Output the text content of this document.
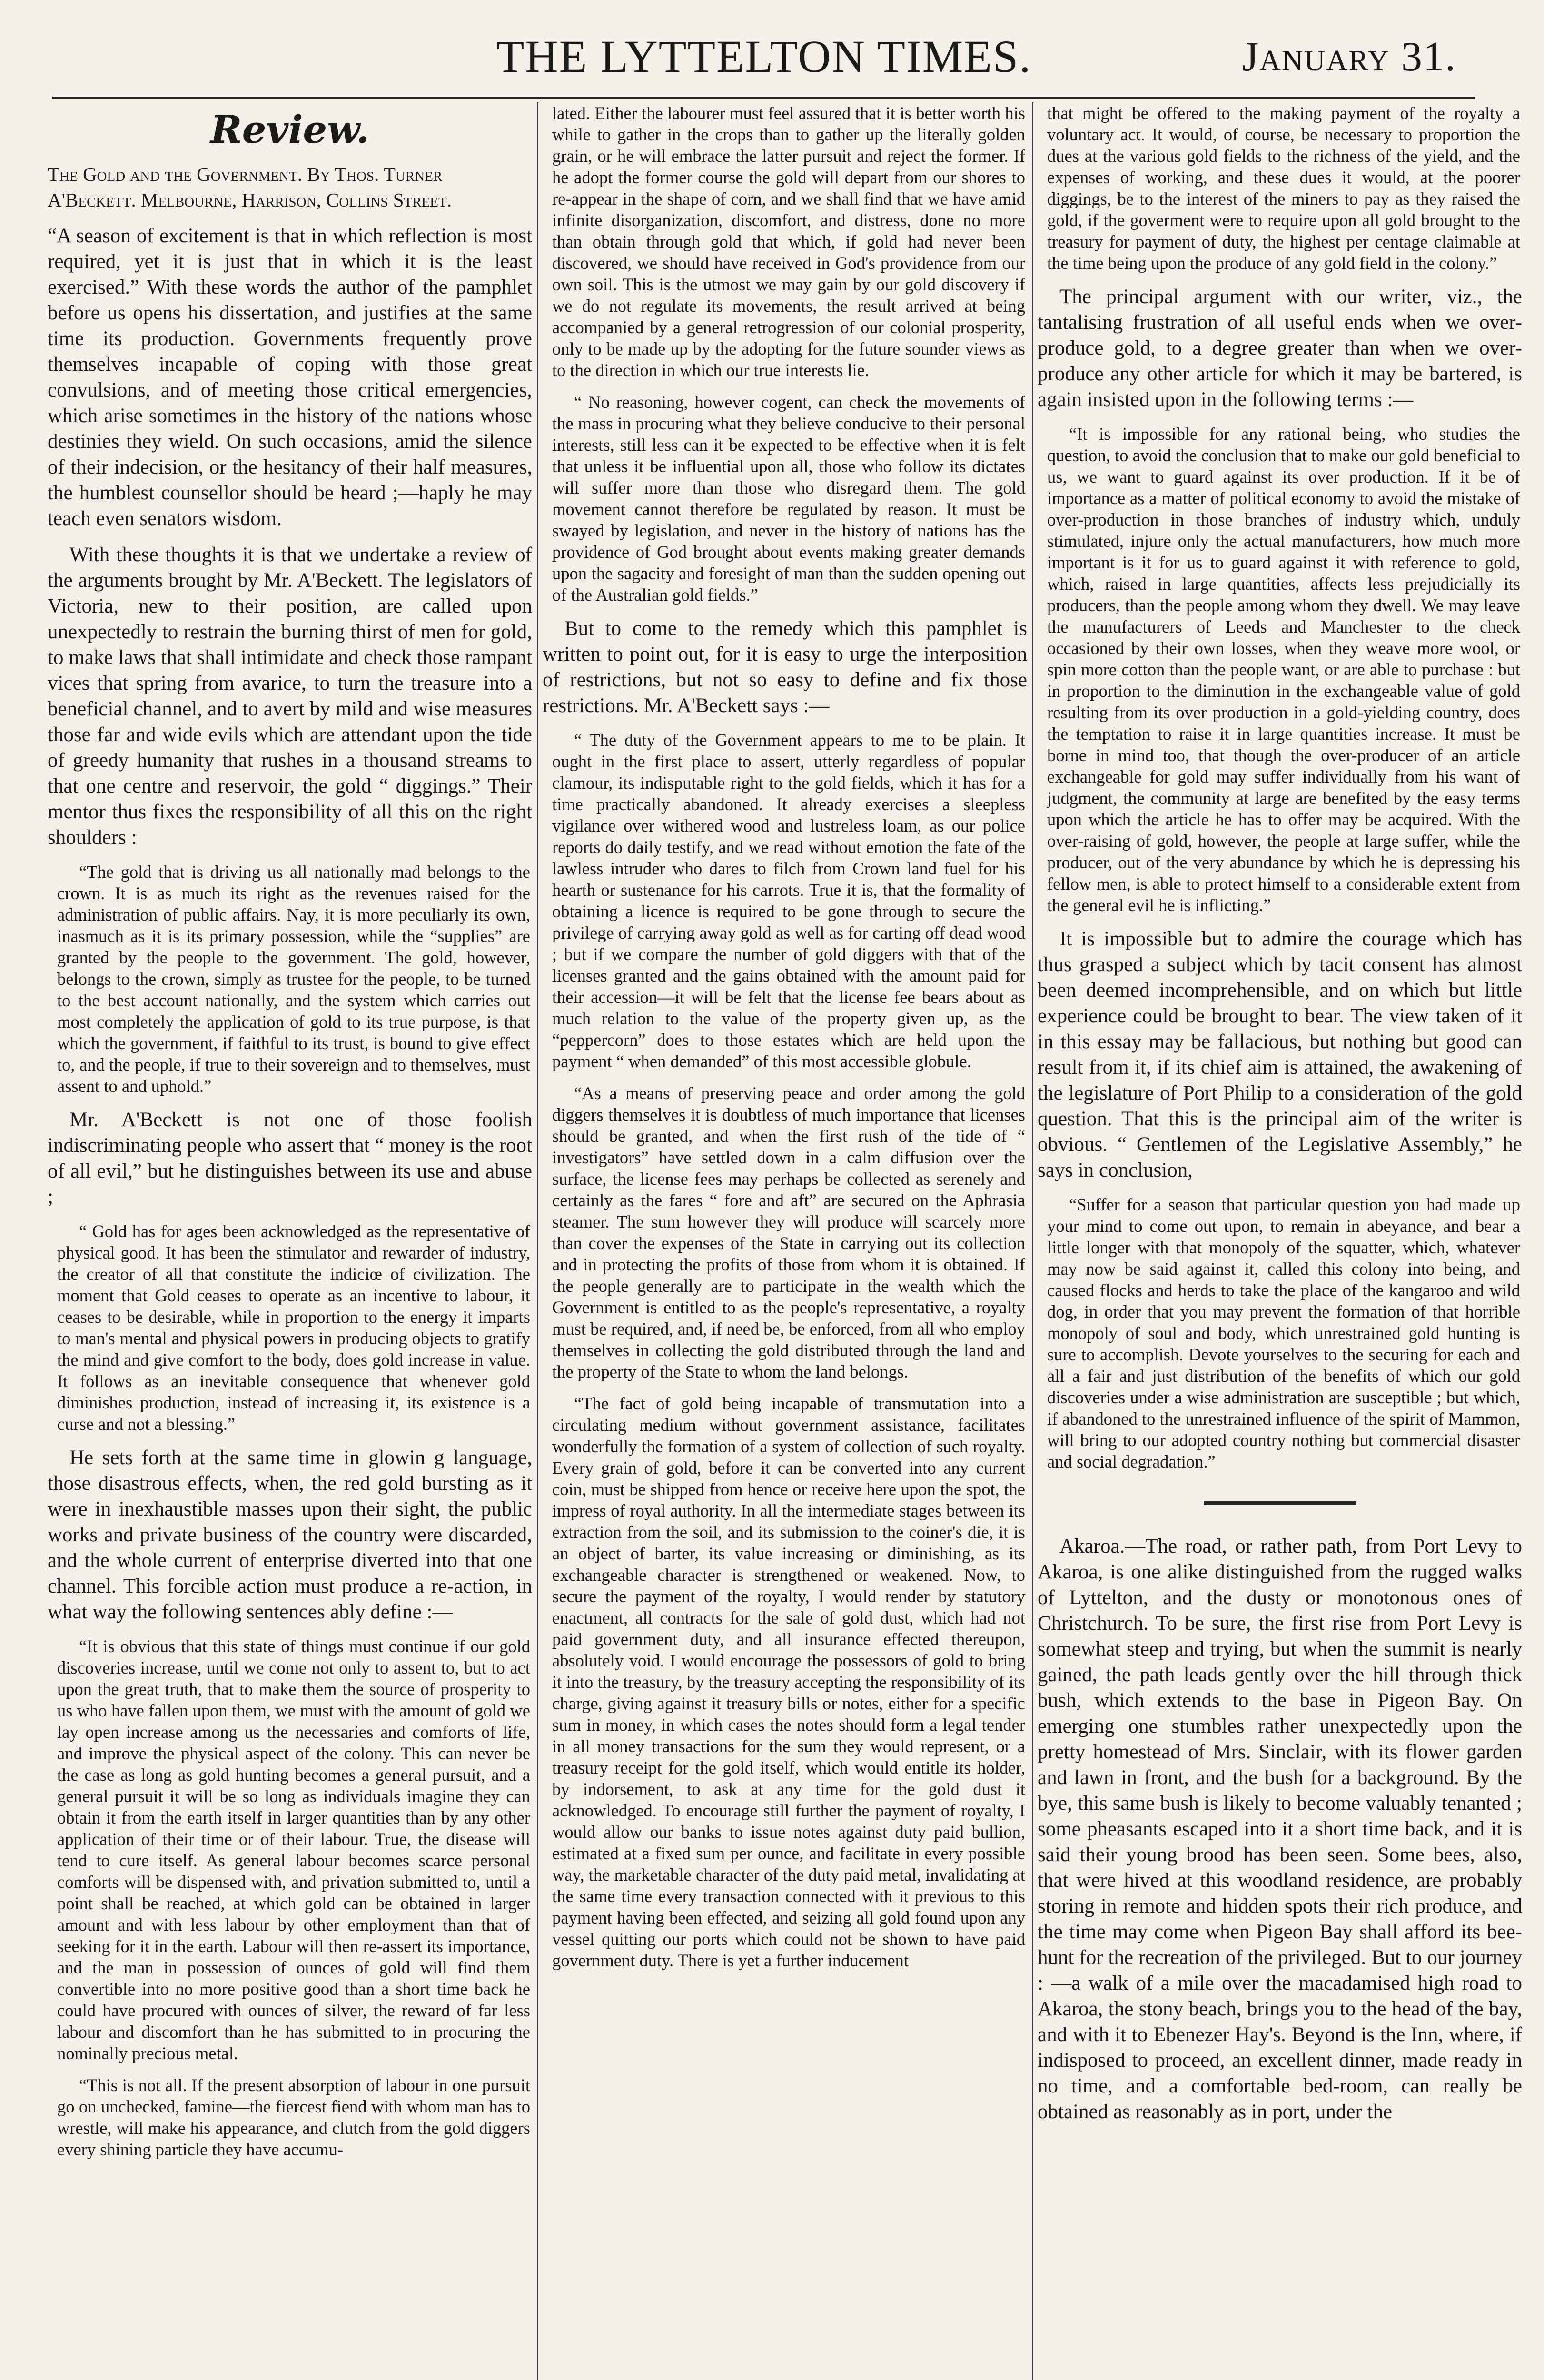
THE LYTTELTON TIMES.	January 31.
Review.

The Gold and the Government. By Thos. Turner A'Beckett. Melbourne, Harrison, Collins Street.

“A season of excitement is that in which reflection is most required, yet it is just that in which it is the least exercised.” With these words the author of the pamphlet before us opens his dissertation, and justifies at the same time its production. Governments frequently prove themselves incapable of coping with those great convulsions, and of meeting those critical emergencies, which arise sometimes in the history of the nations whose destinies they wield. On such occasions, amid the silence of their indecision, or the hesitancy of their half measures, the humblest counsellor should be heard ;—haply he may teach even senators wisdom.

With these thoughts it is that we undertake a review of the arguments brought by Mr. A'Beckett. The legislators of Victoria, new to their position, are called upon unexpectedly to restrain the burning thirst of men for gold, to make laws that shall intimidate and check those rampant vices that spring from avarice, to turn the treasure into a beneficial channel, and to avert by mild and wise measures those far and wide evils which are attendant upon the tide of greedy humanity that rushes in a thousand streams to that one centre and reservoir, the gold “ diggings.” Their mentor thus fixes the responsibility of all this on the right shoulders :

“The gold that is driving us all nationally mad belongs to the crown. It is as much its right as the revenues raised for the administration of public affairs. Nay, it is more peculiarly its own, inasmuch as it is its primary possession, while the “supplies” are granted by the people to the government. The gold, however, belongs to the crown, simply as trustee for the people, to be turned to the best account nationally, and the system which carries out most completely the application of gold to its true purpose, is that which the government, if faithful to its trust, is bound to give effect to, and the people, if true to their sovereign and to themselves, must assent to and uphold.”

Mr. A'Beckett is not one of those foolish indiscriminating people who assert that “ money is the root of all evil,” but he distinguishes between its use and abuse ;

“ Gold has for ages been acknowledged as the representative of physical good. It has been the stimulator and rewarder of industry, the creator of all that constitute the indiciœ of civilization. The moment that Gold ceases to operate as an incentive to labour, it ceases to be desirable, while in proportion to the energy it imparts to man's mental and physical powers in producing objects to gratify the mind and give comfort to the body, does gold increase in value. It follows as an inevitable consequence that whenever gold diminishes production, instead of increasing it, its existence is a curse and not a blessing.”

He sets forth at the same time in glowin g language, those disastrous effects, when, the red gold bursting as it were in inexhaustible masses upon their sight, the public works and private business of the country were discarded, and the whole current of enterprise diverted into that one channel. This forcible action must produce a re-action, in what way the following sentences ably define :—

“It is obvious that this state of things must continue if our gold discoveries increase, until we come not only to assent to, but to act upon the great truth, that to make them the source of prosperity to us who have fallen upon them, we must with the amount of gold we lay open increase among us the necessaries and comforts of life, and improve the physical aspect of the colony. This can never be the case as long as gold hunting becomes a general pursuit, and a general pursuit it will be so long as individuals imagine they can obtain it from the earth itself in larger quantities than by any other application of their time or of their labour. True, the disease will tend to cure itself. As general labour becomes scarce personal comforts will be dispensed with, and privation submitted to, until a point shall be reached, at which gold can be obtained in larger amount and with less labour by other employment than that of seeking for it in the earth. Labour will then re-assert its importance, and the man in possession of ounces of gold will find them convertible into no more positive good than a short time back he could have procured with ounces of silver, the reward of far less labour and discomfort than he has submitted to in procuring the nominally precious metal.

“This is not all. If the present absorption of labour in one pursuit go on unchecked, famine—the fiercest fiend with whom man has to wrestle, will make his appearance, and clutch from the gold diggers every shining particle they have accumu-

lated. Either the labourer must feel assured that it is better worth his while to gather in the crops than to gather up the literally golden grain, or he will embrace the latter pursuit and reject the former. If he adopt the former course the gold will depart from our shores to re-appear in the shape of corn, and we shall find that we have amid infinite disorganization, discomfort, and distress, done no more than obtain through gold that which, if gold had never been discovered, we should have received in God's providence from our own soil. This is the utmost we may gain by our gold discovery if we do not regulate its movements, the result arrived at being accompanied by a general retrogression of our colonial prosperity, only to be made up by the adopting for the future sounder views as to the direction in which our true interests lie.

“ No reasoning, however cogent, can check the movements of the mass in procuring what they believe conducive to their personal interests, still less can it be expected to be effective when it is felt that unless it be influential upon all, those who follow its dictates will suffer more than those who disregard them. The gold movement cannot therefore be regulated by reason. It must be swayed by legislation, and never in the history of nations has the providence of God brought about events making greater demands upon the sagacity and foresight of man than the sudden opening out of the Australian gold fields.”

But to come to the remedy which this pamphlet is written to point out, for it is easy to urge the interposition of restrictions, but not so easy to define and fix those restrictions. Mr. A'Beckett says :—

“ The duty of the Government appears to me to be plain. It ought in the first place to assert, utterly regardless of popular clamour, its indisputable right to the gold fields, which it has for a time practically abandoned. It already exercises a sleepless vigilance over withered wood and lustreless loam, as our police reports do daily testify, and we read without emotion the fate of the lawless intruder who dares to filch from Crown land fuel for his hearth or sustenance for his carrots. True it is, that the formality of obtaining a licence is required to be gone through to secure the privilege of carrying away gold as well as for carting off dead wood ; but if we compare the number of gold diggers with that of the licenses granted and the gains obtained with the amount paid for their accession—it will be felt that the license fee bears about as much relation to the value of the property given up, as the “peppercorn” does to those estates which are held upon the payment “ when demanded” of this most accessible globule.

“As a means of preserving peace and order among the gold diggers themselves it is doubtless of much importance that licenses should be granted, and when the first rush of the tide of “ investigators” have settled down in a calm diffusion over the surface, the license fees may perhaps be collected as serenely and certainly as the fares “ fore and aft” are secured on the Aphrasia steamer. The sum however they will produce will scarcely more than cover the expenses of the State in carrying out its collection and in protecting the profits of those from whom it is obtained. If the people generally are to participate in the wealth which the Government is entitled to as the people's representative, a royalty must be required, and, if need be, be enforced, from all who employ themselves in collecting the gold distributed through the land and the property of the State to whom the land belongs.

“The fact of gold being incapable of transmutation into a circulating medium without government assistance, facilitates wonderfully the formation of a system of collection of such royalty. Every grain of gold, before it can be converted into any current coin, must be shipped from hence or receive here upon the spot, the impress of royal authority. In all the intermediate stages between its extraction from the soil, and its submission to the coiner's die, it is an object of barter, its value increasing or diminishing, as its exchangeable character is strengthened or weakened. Now, to secure the payment of the royalty, I would render by statutory enactment, all contracts for the sale of gold dust, which had not paid government duty, and all insurance effected thereupon, absolutely void. I would encourage the possessors of gold to bring it into the treasury, by the treasury accepting the responsibility of its charge, giving against it treasury bills or notes, either for a specific sum in money, in which cases the notes should form a legal tender in all money transactions for the sum they would represent, or a treasury receipt for the gold itself, which would entitle its holder, by indorsement, to ask at any time for the gold dust it acknowledged. To encourage still further the payment of royalty, I would allow our banks to issue notes against duty paid bullion, estimated at a fixed sum per ounce, and facilitate in every possible way, the marketable character of the duty paid metal, invalidating at the same time every transaction connected with it previous to this payment having been effected, and seizing all gold found upon any vessel quitting our ports which could not be shown to have paid government duty. There is yet a further inducement

that might be offered to the making payment of the royalty a voluntary act. It would, of course, be necessary to proportion the dues at the various gold fields to the richness of the yield, and the expenses of working, and these dues it would, at the poorer diggings, be to the interest of the miners to pay as they raised the gold, if the goverment were to require upon all gold brought to the treasury for payment of duty, the highest per centage claimable at the time being upon the produce of any gold field in the colony.”

The principal argument with our writer, viz., the tantalising frustration of all useful ends when we over-produce gold, to a degree greater than when we over-produce any other article for which it may be bartered, is again insisted upon in the following terms :—

“It is impossible for any rational being, who studies the question, to avoid the conclusion that to make our gold beneficial to us, we want to guard against its over production. If it be of importance as a matter of political economy to avoid the mistake of over-production in those branches of industry which, unduly stimulated, injure only the actual manufacturers, how much more important is it for us to guard against it with reference to gold, which, raised in large quantities, affects less prejudicially its producers, than the people among whom they dwell. We may leave the manufacturers of Leeds and Manchester to the check occasioned by their own losses, when they weave more wool, or spin more cotton than the people want, or are able to purchase : but in proportion to the diminution in the exchangeable value of gold resulting from its over production in a gold-yielding country, does the temptation to raise it in large quantities increase. It must be borne in mind too, that though the over-producer of an article exchangeable for gold may suffer individually from his want of judgment, the community at large are benefited by the easy terms upon which the article he has to offer may be acquired. With the over-raising of gold, however, the people at large suffer, while the producer, out of the very abundance by which he is depressing his fellow men, is able to protect himself to a considerable extent from the general evil he is inflicting.”

It is impossible but to admire the courage which has thus grasped a subject which by tacit consent has almost been deemed incomprehensible, and on which but little experience could be brought to bear. The view taken of it in this essay may be fallacious, but nothing but good can result from it, if its chief aim is attained, the awakening of the legislature of Port Philip to a consideration of the gold question. That this is the principal aim of the writer is obvious. “ Gentlemen of the Legislative Assembly,” he says in conclusion,

“Suffer for a season that particular question you had made up your mind to come out upon, to remain in abeyance, and bear a little longer with that monopoly of the squatter, which, whatever may now be said against it, called this colony into being, and caused flocks and herds to take the place of the kangaroo and wild dog, in order that you may prevent the formation of that horrible monopoly of soul and body, which unrestrained gold hunting is sure to accomplish. Devote yourselves to the securing for each and all a fair and just distribution of the benefits of which our gold discoveries under a wise administration are susceptible ; but which, if abandoned to the unrestrained influence of the spirit of Mammon, will bring to our adopted country nothing but commercial disaster and social degradation.”

Akaroa.—The road, or rather path, from Port Levy to Akaroa, is one alike distinguished from the rugged walks of Lyttelton, and the dusty or monotonous ones of Christchurch. To be sure, the first rise from Port Levy is somewhat steep and trying, but when the summit is nearly gained, the path leads gently over the hill through thick bush, which extends to the base in Pigeon Bay. On emerging one stumbles rather unexpectedly upon the pretty homestead of Mrs. Sinclair, with its flower garden and lawn in front, and the bush for a background. By the bye, this same bush is likely to become valuably tenanted ; some pheasants escaped into it a short time back, and it is said their young brood has been seen. Some bees, also, that were hived at this woodland residence, are probably storing in remote and hidden spots their rich produce, and the time may come when Pigeon Bay shall afford its bee-hunt for the recreation of the privileged. But to our journey : —a walk of a mile over the macadamised high road to Akaroa, the stony beach, brings you to the head of the bay, and with it to Ebenezer Hay's. Beyond is the Inn, where, if indisposed to proceed, an excellent dinner, made ready in no time, and a comfortable bed-room, can really be obtained as reasonably as in port, under the
